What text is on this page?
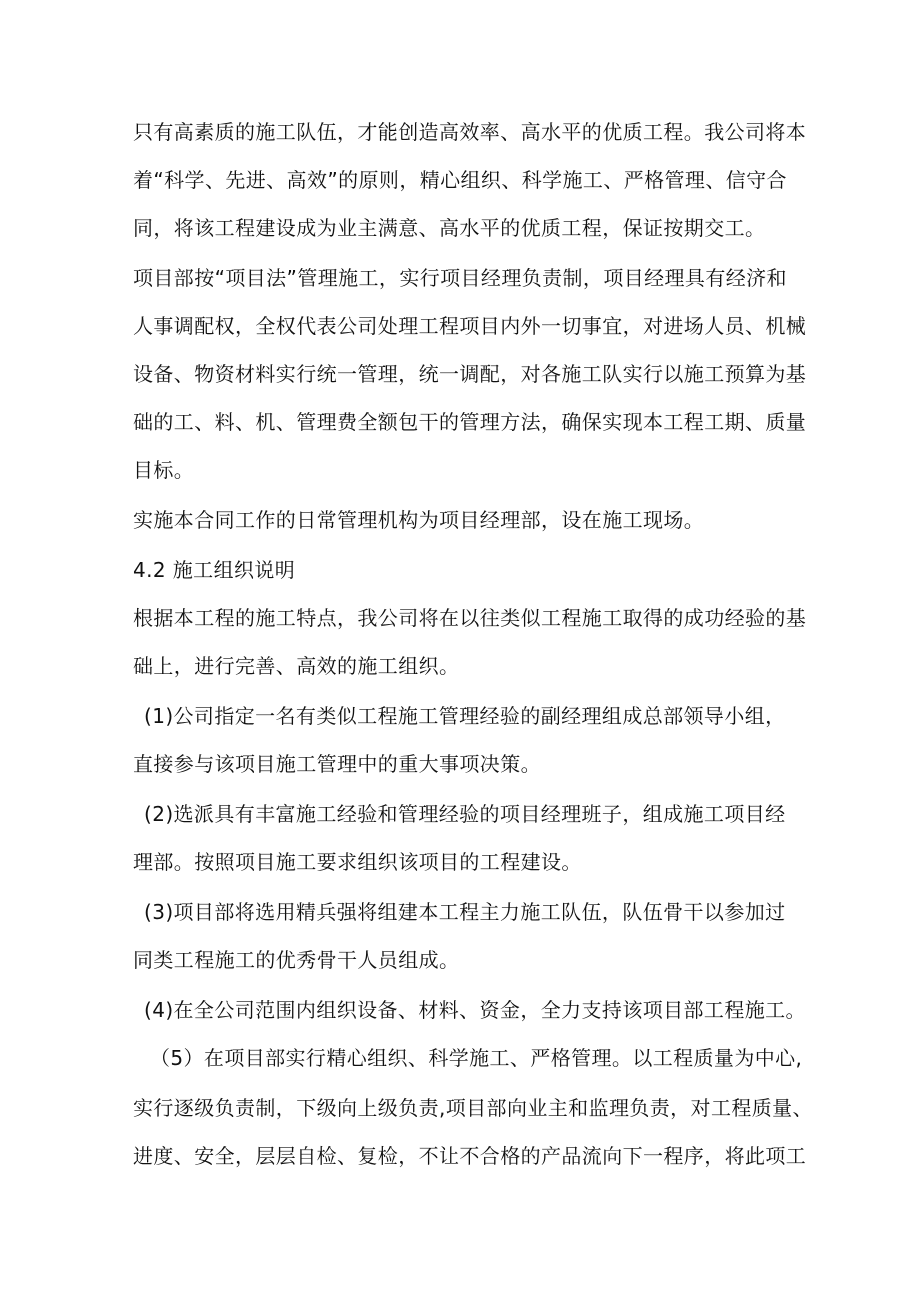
只有高素质的施工队伍，才能创造高效率、高水平的优质工程。我公司将本
着“科学、先进、高效”的原则，精心组织、科学施工、严格管理、信守合
同，将该工程建设成为业主满意、高水平的优质工程，保证按期交工。
项目部按“项目法”管理施工，实行项目经理负责制，项目经理具有经济和
人事调配权，全权代表公司处理工程项目内外一切事宜，对进场人员、机械
设备、物资材料实行统一管理，统一调配，对各施工队实行以施工预算为基
础的工、料、机、管理费全额包干的管理方法，确保实现本工程工期、质量
目标。
实施本合同工作的日常管理机构为项目经理部，设在施工现场。
4.2 施工组织说明
根据本工程的施工特点，我公司将在以往类似工程施工取得的成功经验的基
础上，进行完善、高效的施工组织。
(1)公司指定一名有类似工程施工管理经验的副经理组成总部领导小组，
直接参与该项目施工管理中的重大事项决策。
(2)选派具有丰富施工经验和管理经验的项目经理班子，组成施工项目经
理部。按照项目施工要求组织该项目的工程建设。
(3)项目部将选用精兵强将组建本工程主力施工队伍，队伍骨干以参加过
同类工程施工的优秀骨干人员组成。
(4)在全公司范围内组织设备、材料、资金，全力支持该项目部工程施工。
（5）在项目部实行精心组织、科学施工、严格管理。以工程质量为中心,
实行逐级负责制，下级向上级负责,项目部向业主和监理负责，对工程质量、
进度、安全，层层自检、复检，不让不合格的产品流向下一程序，将此项工
